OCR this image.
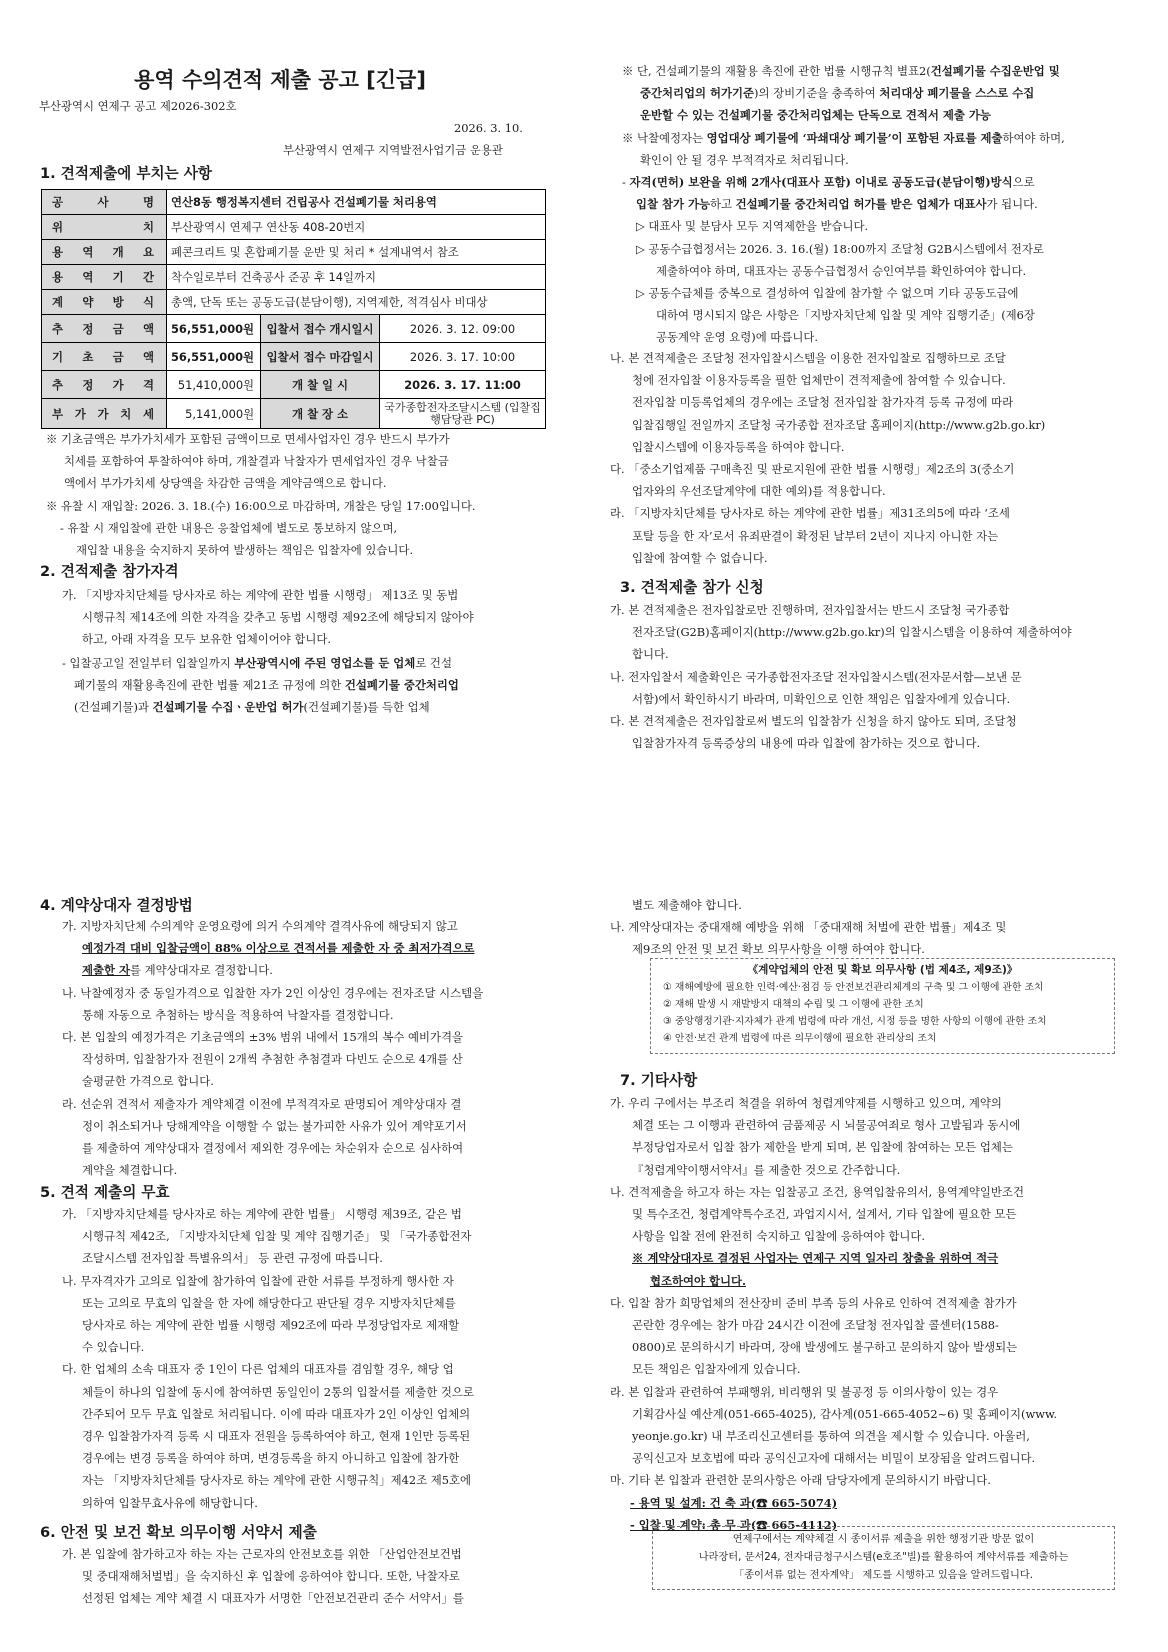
용역 수의견적 제출 공고 [긴급]
부산광역시 연제구 공고 제2026-302호
2026. 3. 10.
부산광역시 연제구 지역발전사업기금 운용관
1. 견적제출에 부치는 사항
공 사 명	연산8동 행정복지센터 건립공사 건설폐기물 처리용역		
위 치	부산광역시 연제구 연산동 408-20번지		
용 역 개 요	폐콘크리트 및 혼합폐기물 운반 및 처리 * 설계내역서 참조		
용 역 기 간	착수일로부터 건축공사 준공 후 14일까지		
계 약 방 식	총액, 단독 또는 공동도급(분담이행), 지역제한, 적격심사 비대상		
추 정 금 액	56,551,000원	입찰서 접수 개시일시	2026. 3. 12. 09:00
기 초 금 액	56,551,000원	입찰서 접수 마감일시	2026. 3. 17. 10:00
추 정 가 격	51,410,000원	개 찰 일 시	2026. 3. 17. 11:00
부 가 가 치 세	5,141,000원	개 찰 장 소	국가종합전자조달시스템 (입찰집행담당관 PC)

※ 기초금액은 부가가치세가 포함된 금액이므로 면세사업자인 경우 반드시 부가가

치세를 포함하여 투찰하여야 하며, 개찰결과 낙찰자가 면세업자인 경우 낙찰금

액에서 부가가치세 상당액을 차감한 금액을 계약금액으로 합니다.

※ 유찰 시 재입찰: 2026. 3. 18.(수) 16:00으로 마감하며, 개찰은 당일 17:00입니다.

- 유찰 시 재입찰에 관한 내용은 응찰업체에 별도로 통보하지 않으며,

재입찰 내용을 숙지하지 못하여 발생하는 책임은 입찰자에 있습니다.

2. 견적제출 참가자격

가. 「지방자치단체를 당사자로 하는 계약에 관한 법률 시행령」 제13조 및 동법

시행규칙 제14조에 의한 자격을 갖추고 동법 시행령 제92조에 해당되지 않아야

하고, 아래 자격을 모두 보유한 업체이어야 합니다.

- 입찰공고일 전일부터 입찰일까지 부산광역시에 주된 영업소를 둔 업체로 건설

폐기물의 재활용촉진에 관한 법률 제21조 규정에 의한 건설폐기물 중간처리업

(건설폐기물)과 건설폐기물 수집ㆍ운반업 허가(건설폐기물)를 득한 업체

※ 단, 건설폐기물의 재활용 촉진에 관한 법률 시행규칙 별표2(건설폐기물 수집운반업 및

중간처리업의 허가기준)의 장비기준을 충족하여 처리대상 폐기물을 스스로 수집

운반할 수 있는 건설폐기물 중간처리업체는 단독으로 견적서 제출 가능

※ 낙찰예정자는 영업대상 폐기물에 ‘파쇄대상 폐기물’이 포함된 자료를 제출하여야 하며,

확인이 안 될 경우 부적격자로 처리됩니다.

- 자격(면허) 보완을 위해 2개사(대표사 포함) 이내로 공동도급(분담이행)방식으로

입찰 참가 가능하고 건설폐기물 중간처리업 허가를 받은 업체가 대표사가 됩니다.

▷ 대표사 및 분담사 모두 지역제한을 받습니다.

▷ 공동수급협정서는 2026. 3. 16.(월) 18:00까지 조달청 G2B시스템에서 전자로

제출하여야 하며, 대표자는 공동수급협정서 승인여부를 확인하여야 합니다.

▷ 공동수급체를 중복으로 결성하여 입찰에 참가할 수 없으며 기타 공동도급에

대하여 명시되지 않은 사항은「지방자치단체 입찰 및 계약 집행기준」(제6장

공동계약 운영 요령)에 따릅니다.

나. 본 견적제출은 조달청 전자입찰시스템을 이용한 전자입찰로 집행하므로 조달

청에 전자입찰 이용자등록을 필한 업체만이 견적제출에 참여할 수 있습니다.

전자입찰 미등록업체의 경우에는 조달청 전자입찰 참가자격 등록 규정에 따라

입찰집행일 전일까지 조달청 국가종합 전자조달 홈페이지(http://www.g2b.go.kr)

입찰시스템에 이용자등록을 하여야 합니다.

다. 「중소기업제품 구매촉진 및 판로지원에 관한 법률 시행령」제2조의 3(중소기

업자와의 우선조달계약에 대한 예외)를 적용합니다.

라. 「지방자치단체를 당사자로 하는 계약에 관한 법률」제31조의5에 따라 ‘조세

포탈 등을 한 자’로서 유죄판결이 확정된 날부터 2년이 지나지 아니한 자는

입찰에 참여할 수 없습니다.

3. 견적제출 참가 신청

가. 본 견적제출은 전자입찰로만 진행하며, 전자입찰서는 반드시 조달청 국가종합

전자조달(G2B)홈페이지(http://www.g2b.go.kr)의 입찰시스템을 이용하여 제출하여야

합니다.

나. 전자입찰서 제출확인은 국가종합전자조달 전자입찰시스템(전자문서함—보낸 문

서함)에서 확인하시기 바라며, 미확인으로 인한 책임은 입찰자에게 있습니다.

다. 본 견적제출은 전자입찰로써 별도의 입찰참가 신청을 하지 않아도 되며, 조달청

입찰참가자격 등록증상의 내용에 따라 입찰에 참가하는 것으로 합니다.

4. 계약상대자 결정방법

가. 지방자치단체 수의계약 운영요령에 의거 수의계약 결격사유에 해당되지 않고

예정가격 대비 입찰금액이 88% 이상으로 견적서를 제출한 자 중 최저가격으로

제출한 자를 계약상대자로 결정합니다.

나. 낙찰예정자 중 동일가격으로 입찰한 자가 2인 이상인 경우에는 전자조달 시스템을

통해 자동으로 추첨하는 방식을 적용하여 낙찰자를 결정합니다.

다. 본 입찰의 예정가격은 기초금액의 ±3% 범위 내에서 15개의 복수 예비가격을

작성하며, 입찰참가자 전원이 2개씩 추첨한 추첨결과 다빈도 순으로 4개를 산

술평균한 가격으로 합니다.

라. 선순위 견적서 제출자가 계약체결 이전에 부적격자로 판명되어 계약상대자 결

정이 취소되거나 당해계약을 이행할 수 없는 불가피한 사유가 있어 계약포기서

를 제출하여 계약상대자 결정에서 제외한 경우에는 차순위자 순으로 심사하여

계약을 체결합니다.

5. 견적 제출의 무효

가. 「지방자치단체를 당사자로 하는 계약에 관한 법률」 시행령 제39조, 같은 법

시행규칙 제42조, 「지방자치단체 입찰 및 계약 집행기준」 및 「국가종합전자

조달시스템 전자입찰 특별유의서」 등 관련 규정에 따릅니다.

나. 무자격자가 고의로 입찰에 참가하여 입찰에 관한 서류를 부정하게 행사한 자

또는 고의로 무효의 입찰을 한 자에 해당한다고 판단될 경우 지방자치단체를

당사자로 하는 계약에 관한 법률 시행령 제92조에 따라 부정당업자로 제재할

수 있습니다.

다. 한 업체의 소속 대표자 중 1인이 다른 업체의 대표자를 겸임할 경우, 해당 업

체들이 하나의 입찰에 동시에 참여하면 동일인이 2통의 입찰서를 제출한 것으로

간주되어 모두 무효 입찰로 처리됩니다. 이에 따라 대표자가 2인 이상인 업체의

경우 입찰참가자격 등록 시 대표자 전원을 등록하여야 하고, 현재 1인만 등록된

경우에는 변경 등록을 하여야 하며, 변경등록을 하지 아니하고 입찰에 참가한

자는 「지방자치단체를 당사자로 하는 계약에 관한 시행규칙」제42조 제5호에

의하여 입찰무효사유에 해당합니다.

6. 안전 및 보건 확보 의무이행 서약서 제출

가. 본 입찰에 참가하고자 하는 자는 근로자의 안전보호를 위한 「산업안전보건법

및 중대재해처벌법」을 숙지하신 후 입찰에 응하여야 합니다. 또한, 낙찰자로

선정된 업체는 계약 체결 시 대표자가 서명한「안전보건관리 준수 서약서」를

별도 제출해야 합니다.

나. 계약상대자는 중대재해 예방을 위해 「중대재해 처벌에 관한 법률」제4조 및

제9조의 안전 및 보건 확보 의무사항을 이행 하여야 합니다.

《계약업체의 안전 및 확보 의무사항 (법 제4조, 제9조)》
① 재해예방에 필요한 인력·예산·점검 등 안전보건관리체계의 구축 및 그 이행에 관한 조치
② 재해 발생 시 재발방지 대책의 수립 및 그 이행에 관한 조치
③ 중앙행정기관·지자체가 관계 법령에 따라 개선, 시정 등을 명한 사항의 이행에 관한 조치
④ 안전·보건 관계 법령에 따른 의무이행에 필요한 관리상의 조치
7. 기타사항

가. 우리 구에서는 부조리 척결을 위하여 청렴계약제를 시행하고 있으며, 계약의

체결 또는 그 이행과 관련하여 금품제공 시 뇌물공여죄로 형사 고발됨과 동시에

부정당업자로서 입찰 참가 제한을 받게 되며, 본 입찰에 참여하는 모든 업체는

『청렴계약이행서약서』를 제출한 것으로 간주합니다.

나. 견적제출을 하고자 하는 자는 입찰공고 조건, 용역입찰유의서, 용역계약일반조건

및 특수조건, 청렴계약특수조건, 과업지시서, 설계서, 기타 입찰에 필요한 모든

사항을 입찰 전에 완전히 숙지하고 입찰에 응하여야 합니다.

※ 계약상대자로 결정된 사업자는 연제구 지역 일자리 창출을 위하여 적극

협조하여야 합니다.

다. 입찰 참가 희망업체의 전산장비 준비 부족 등의 사유로 인하여 견적제출 참가가

곤란한 경우에는 참가 마감 24시간 이전에 조달청 전자입찰 콜센터(1588-

0800)로 문의하시기 바라며, 장애 발생에도 불구하고 문의하지 않아 발생되는

모든 책임은 입찰자에게 있습니다.

라. 본 입찰과 관련하여 부패행위, 비리행위 및 불공정 등 이의사항이 있는 경우

기획감사실 예산계(051-665-4025), 감사계(051-665-4052~6) 및 홈페이지(www.

yeonje.go.kr) 내 부조리신고센터를 통하여 의견을 제시할 수 있습니다. 아울러,

공익신고자 보호법에 따라 공익신고자에 대해서는 비밀이 보장됨을 알려드립니다.

마. 기타 본 입찰과 관련한 문의사항은 아래 담당자에게 문의하시기 바랍니다.

- 용역 및 설계: 건 축 과(☎ 665-5074)

- 입찰 및 계약: 총 무 과(☎ 665-4112)

연제구에서는 계약체결 시 종이서류 제출을 위한 행정기관 방문 없이
나라장터, 문서24, 전자대금청구시스템(e호조"빌)를 활용하여 계약서류를 제출하는
「종이서류 없는 전자계약」 제도를 시행하고 있음을 알려드립니다.
